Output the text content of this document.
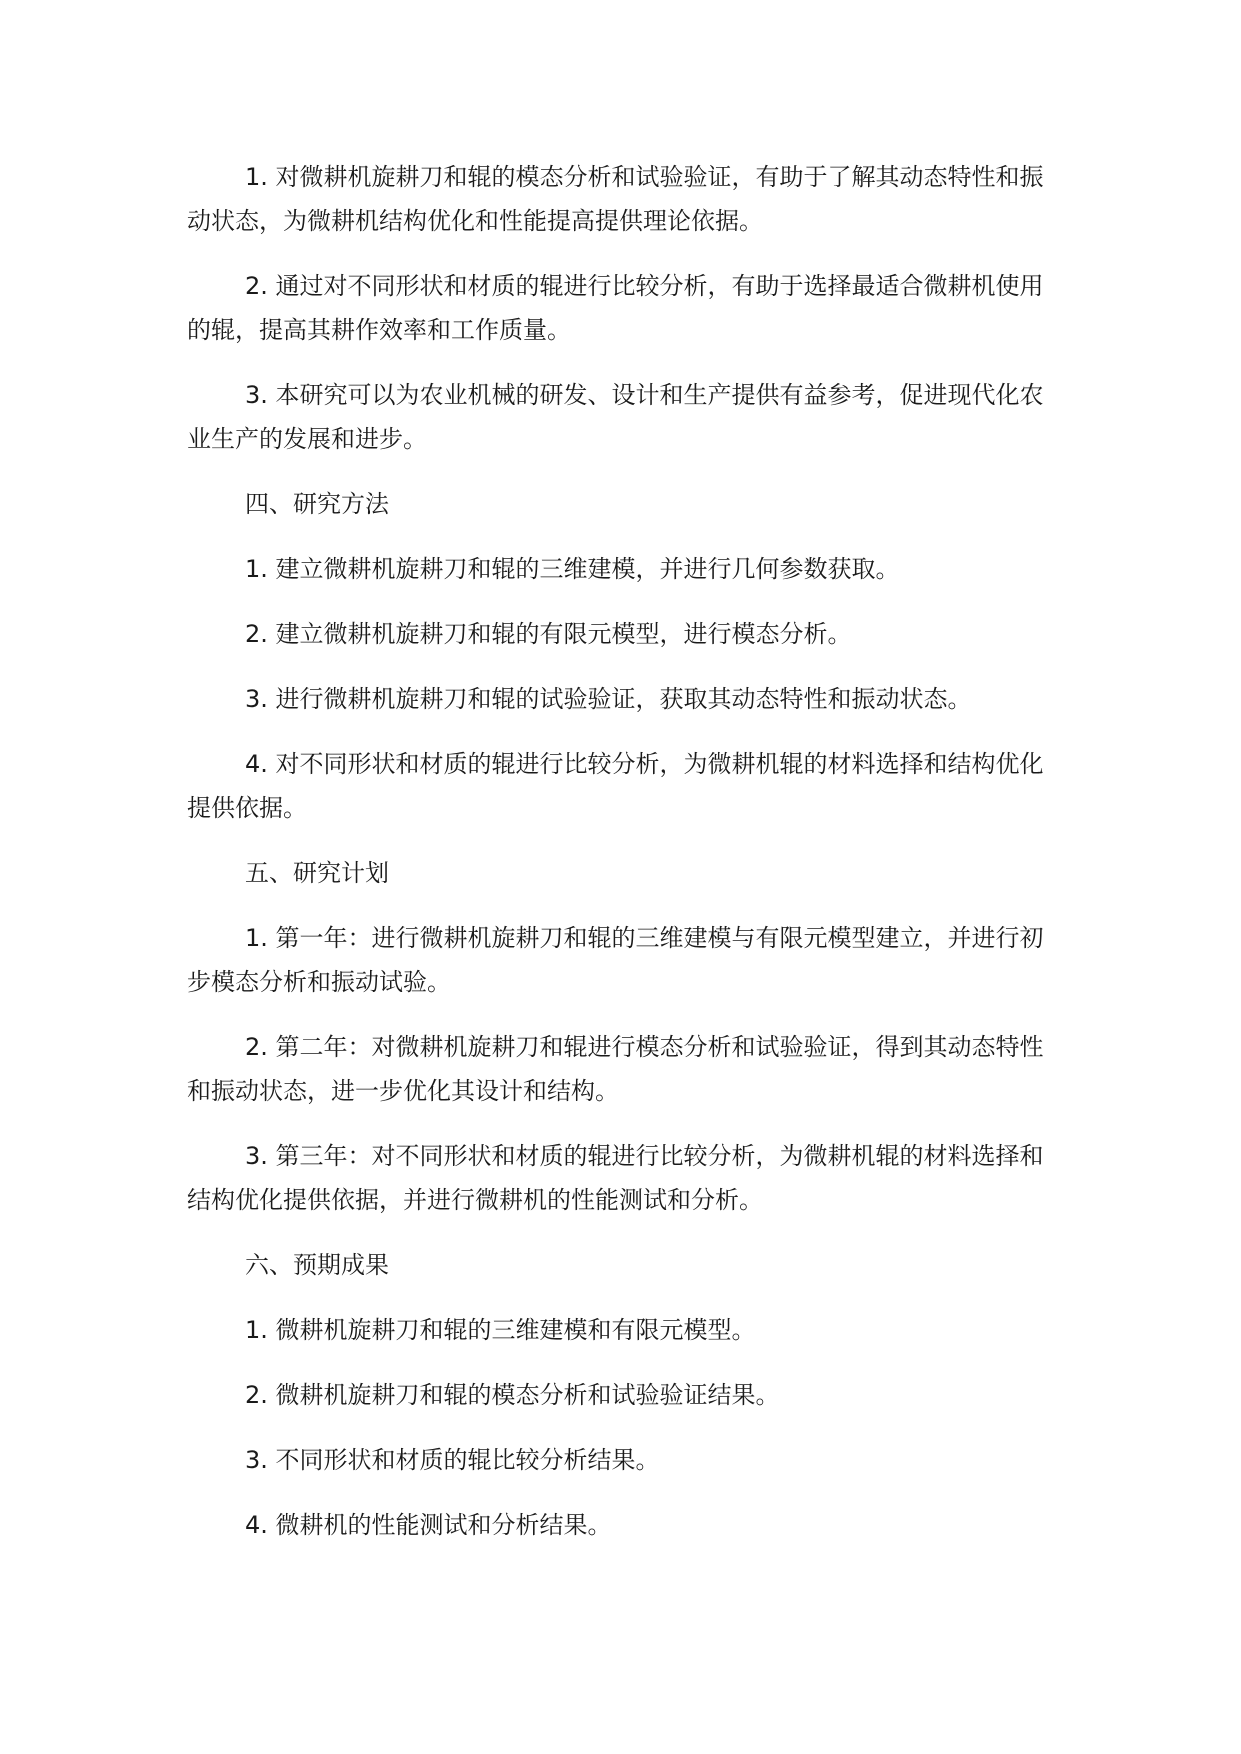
1. 对微耕机旋耕刀和辊的模态分析和试验验证，有助于了解其动态特性和振动状态，为微耕机结构优化和性能提高提供理论依据。

2. 通过对不同形状和材质的辊进行比较分析，有助于选择最适合微耕机使用的辊，提高其耕作效率和工作质量。

3. 本研究可以为农业机械的研发、设计和生产提供有益参考，促进现代化农业生产的发展和进步。

四、研究方法

1. 建立微耕机旋耕刀和辊的三维建模，并进行几何参数获取。

2. 建立微耕机旋耕刀和辊的有限元模型，进行模态分析。

3. 进行微耕机旋耕刀和辊的试验验证，获取其动态特性和振动状态。

4. 对不同形状和材质的辊进行比较分析，为微耕机辊的材料选择和结构优化提供依据。

五、研究计划

1. 第一年：进行微耕机旋耕刀和辊的三维建模与有限元模型建立，并进行初步模态分析和振动试验。

2. 第二年：对微耕机旋耕刀和辊进行模态分析和试验验证，得到其动态特性和振动状态，进一步优化其设计和结构。

3. 第三年：对不同形状和材质的辊进行比较分析，为微耕机辊的材料选择和结构优化提供依据，并进行微耕机的性能测试和分析。

六、预期成果

1. 微耕机旋耕刀和辊的三维建模和有限元模型。

2. 微耕机旋耕刀和辊的模态分析和试验验证结果。

3. 不同形状和材质的辊比较分析结果。

4. 微耕机的性能测试和分析结果。
